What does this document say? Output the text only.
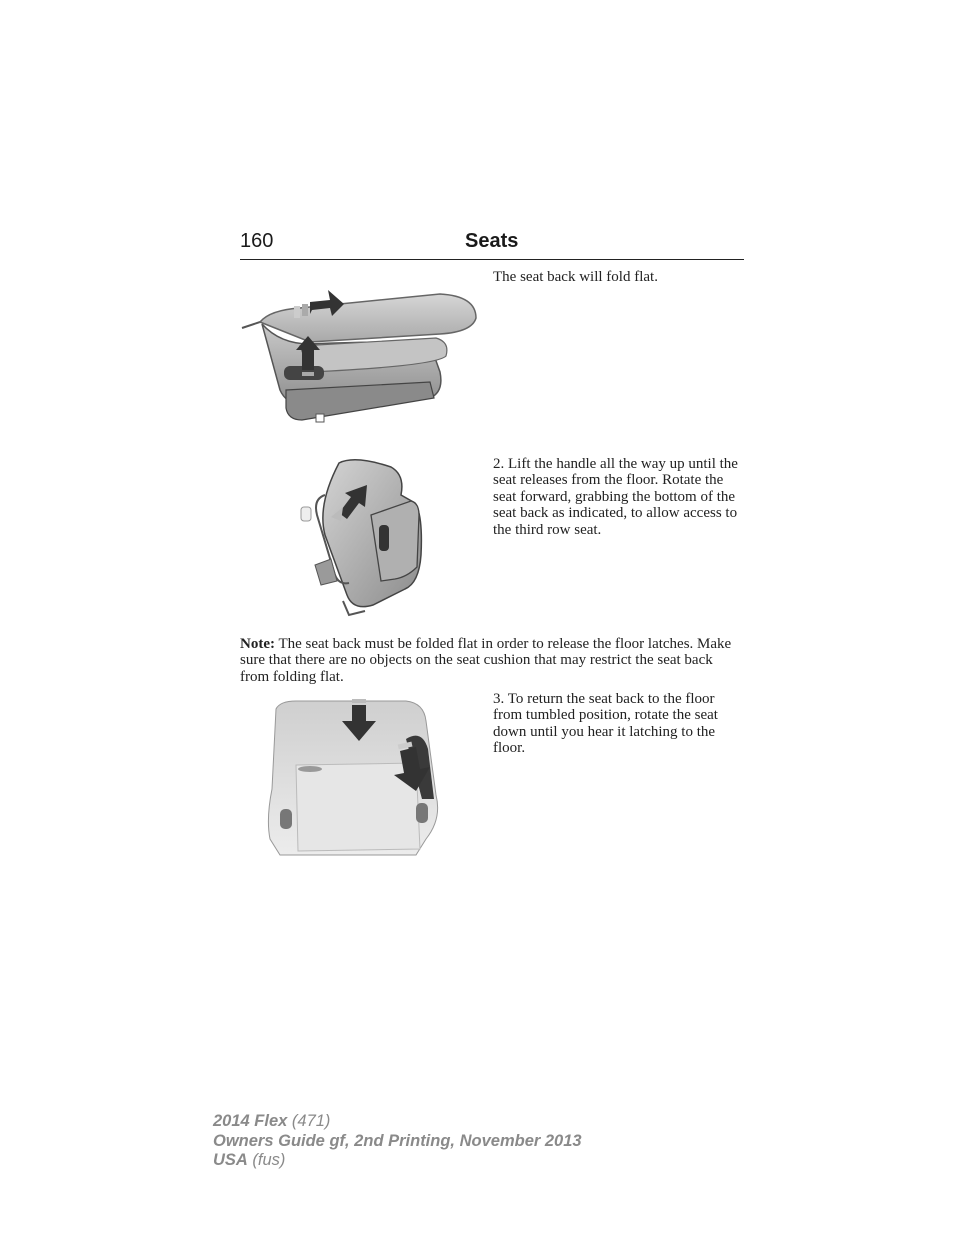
160	Seats

The seat back will fold flat.

2. Lift the handle all the way up until the seat releases from the floor. Rotate the seat forward, grabbing the bottom of the seat back as indicated, to allow access to the third row seat.

Note: The seat back must be folded flat in order to release the floor latches. Make sure that there are no objects on the seat cushion that may restrict the seat back from folding flat.

3. To return the seat back to the floor from tumbled position, rotate the seat down until you hear it latching to the floor.

2014 Flex (471)
Owners Guide gf, 2nd Printing, November 2013
USA (fus)
